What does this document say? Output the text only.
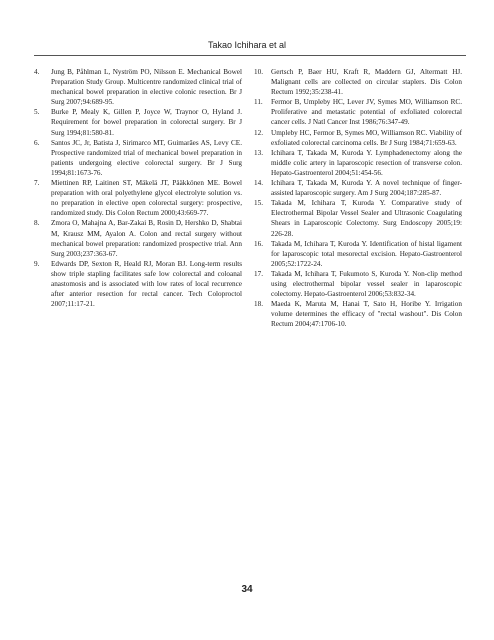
Takao Ichihara et al

4. Jung B, Påhlman L, Nyström PO, Nilsson E. Mechanical Bowel Preparation Study Group. Multicentre randomized clinical trial of mechanical bowel preparation in elective colonic resection. Br J Surg 2007;94:689-95.

5. Burke P, Mealy K, Gillen P, Joyce W, Traynor O, Hyland J. Requirement for bowel preparation in colorectal surgery. Br J Surg 1994;81:580-81.

6. Santos JC, Jr, Batista J, Sirimarco MT, Guimarães AS, Levy CE. Prospective randomized trial of mechanical bowel preparation in patients undergoing elective colorectal surgery. Br J Surg 1994;81:1673-76.

7. Miettinen RP, Laitinen ST, Mäkelä JT, Pääkkönen ME. Bowel preparation with oral polyethylene glycol electrolyte solution vs. no preparation in elective open colorectal surgery: prospective, randomized study. Dis Colon Rectum 2000;43:669-77.

8. Zmora O, Mahajna A, Bar-Zakai B, Rosin D, Hershko D, Shabtai M, Krausz MM, Ayalon A. Colon and rectal surgery without mechanical bowel preparation: randomized prospective trial. Ann Surg 2003;237:363-67.

9. Edwards DP, Sexton R, Heald RJ, Moran BJ. Long-term results show triple stapling facilitates safe low colorectal and coloanal anastomosis and is associated with low rates of local recurrence after anterior resection for rectal cancer. Tech Coloproctol 2007;11:17-21.

10. Gertsch P, Baer HU, Kraft R, Maddern GJ, Altermatt HJ. Malignant cells are collected on circular staplers. Dis Colon Rectum 1992;35:238-41.

11. Fermor B, Umpleby HC, Lever JV, Symes MO, Williamson RC. Proliferative and metastatic potential of exfoliated colorectal cancer cells. J Natl Cancer Inst 1986;76:347-49.

12. Umpleby HC, Fermor B, Symes MO, Williamson RC. Viability of exfoliated colorectal carcinoma cells. Br J Surg 1984;71:659-63.

13. Ichihara T, Takada M, Kuroda Y. Lymphadenectomy along the middle colic artery in laparoscopic resection of transverse colon. Hepato-Gastroenterol 2004;51:454-56.

14. Ichihara T, Takada M, Kuroda Y. A novel technique of finger-assisted laparoscopic surgery. Am J Surg 2004;187:285-87.

15. Takada M, Ichihara T, Kuroda Y. Comparative study of Electrothermal Bipolar Vessel Sealer and Ultrasonic Coagulating Shears in Laparoscopic Colectomy. Surg Endoscopy 2005;19: 226-28.

16. Takada M, Ichihara T, Kuroda Y. Identification of histal ligament for laparoscopic total mesorectal excision. Hepato-Gastroenterol 2005;52:1722-24.

17. Takada M, Ichihara T, Fukumoto S, Kuroda Y. Non-clip method using electrothermal bipolar vessel sealer in laparoscopic colectomy. Hepato-Gastroenterol 2006;53:832-34.

18. Maeda K, Maruta M, Hanai T, Sato H, Horibe Y. Irrigation volume determines the efficacy of "rectal washout". Dis Colon Rectum 2004;47:1706-10.

34
